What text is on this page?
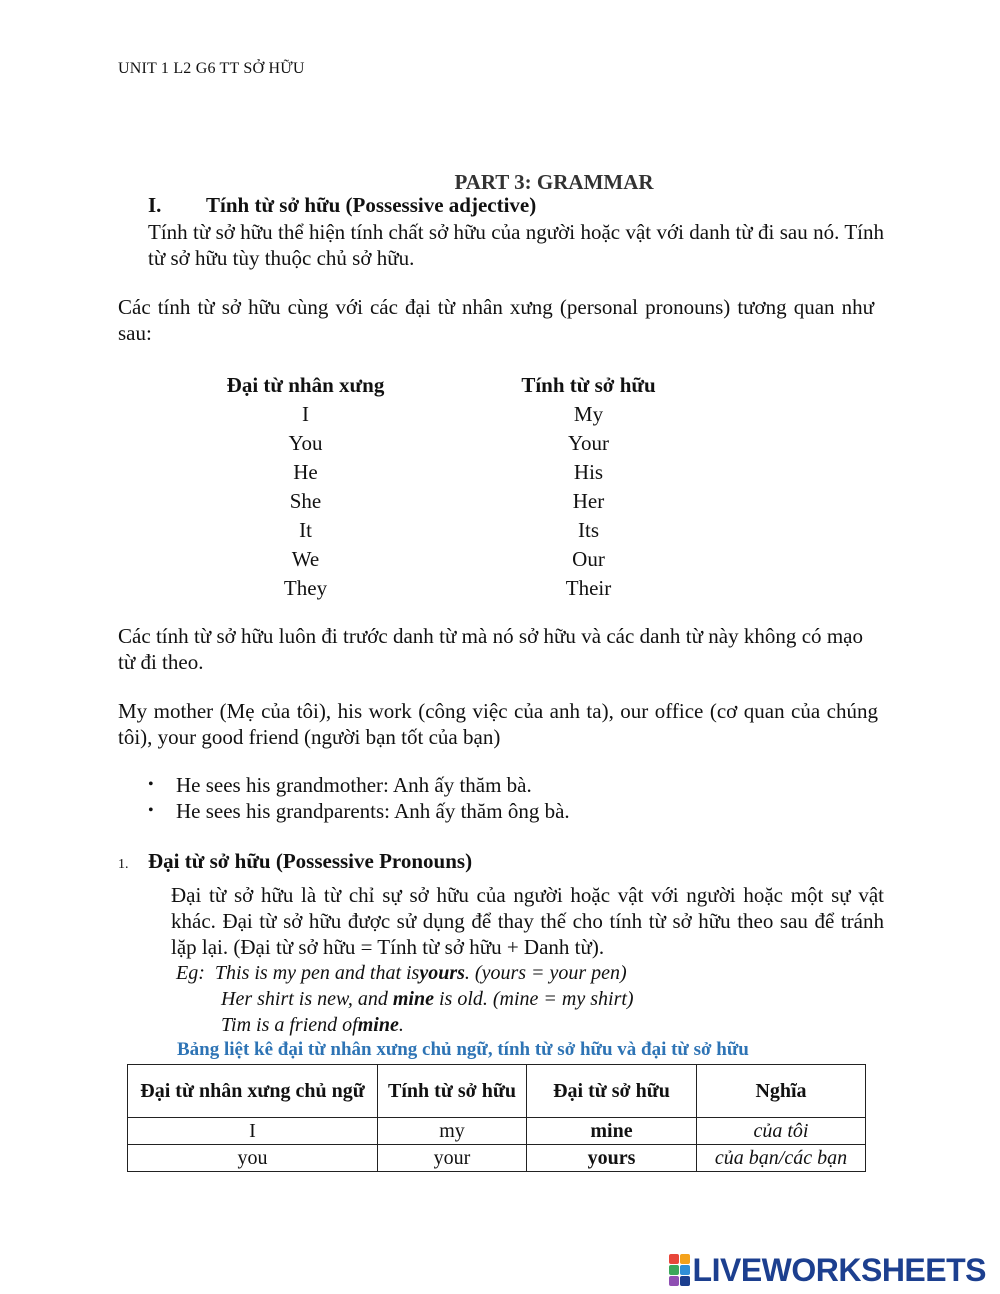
UNIT 1 L2 G6 TT SỞ HỮU
PART 3: GRAMMAR
I. Tính từ sở hữu (Possessive adjective)
Tính từ sở hữu thể hiện tính chất sở hữu của người hoặc vật với danh từ đi sau nó. Tính từ sở hữu tùy thuộc chủ sở hữu.
Các tính từ sở hữu cùng với các đại từ nhân xưng (personal pronouns) tương quan như sau:
Đại từ nhân xưng	Tính từ sở hữu
I	My
You	Your
He	His
She	Her
It	Its
We	Our
They	Their
Các tính từ sở hữu luôn đi trước danh từ mà nó sở hữu và các danh từ này không có mạo từ đi theo.
My mother (Mẹ của tôi), his work (công việc của anh ta), our office (cơ quan của chúng tôi), your good friend (người bạn tốt của bạn)
• He sees his grandmother: Anh ấy thăm bà.
• He sees his grandparents: Anh ấy thăm ông bà.
1. Đại từ sở hữu (Possessive Pronouns)
Đại từ sở hữu là từ chỉ sự sở hữu của người hoặc vật với người hoặc một sự vật khác. Đại từ sở hữu được sử dụng để thay thế cho tính từ sở hữu theo sau để tránh lặp lại. (Đại từ sở hữu = Tính từ sở hữu + Danh từ).
Eg: This is my pen and that isyours. (yours = your pen)
Her shirt is new, and mine is old. (mine = my shirt)
Tim is a friend ofmine.
Bảng liệt kê đại từ nhân xưng chủ ngữ, tính từ sở hữu và đại từ sở hữu
Đại từ nhân xưng chủ ngữ	Tính từ sở hữu	Đại từ sở hữu	Nghĩa
I	my	mine	của tôi
you	your	yours	của bạn/các bạn
LIVEWORKSHEETS
